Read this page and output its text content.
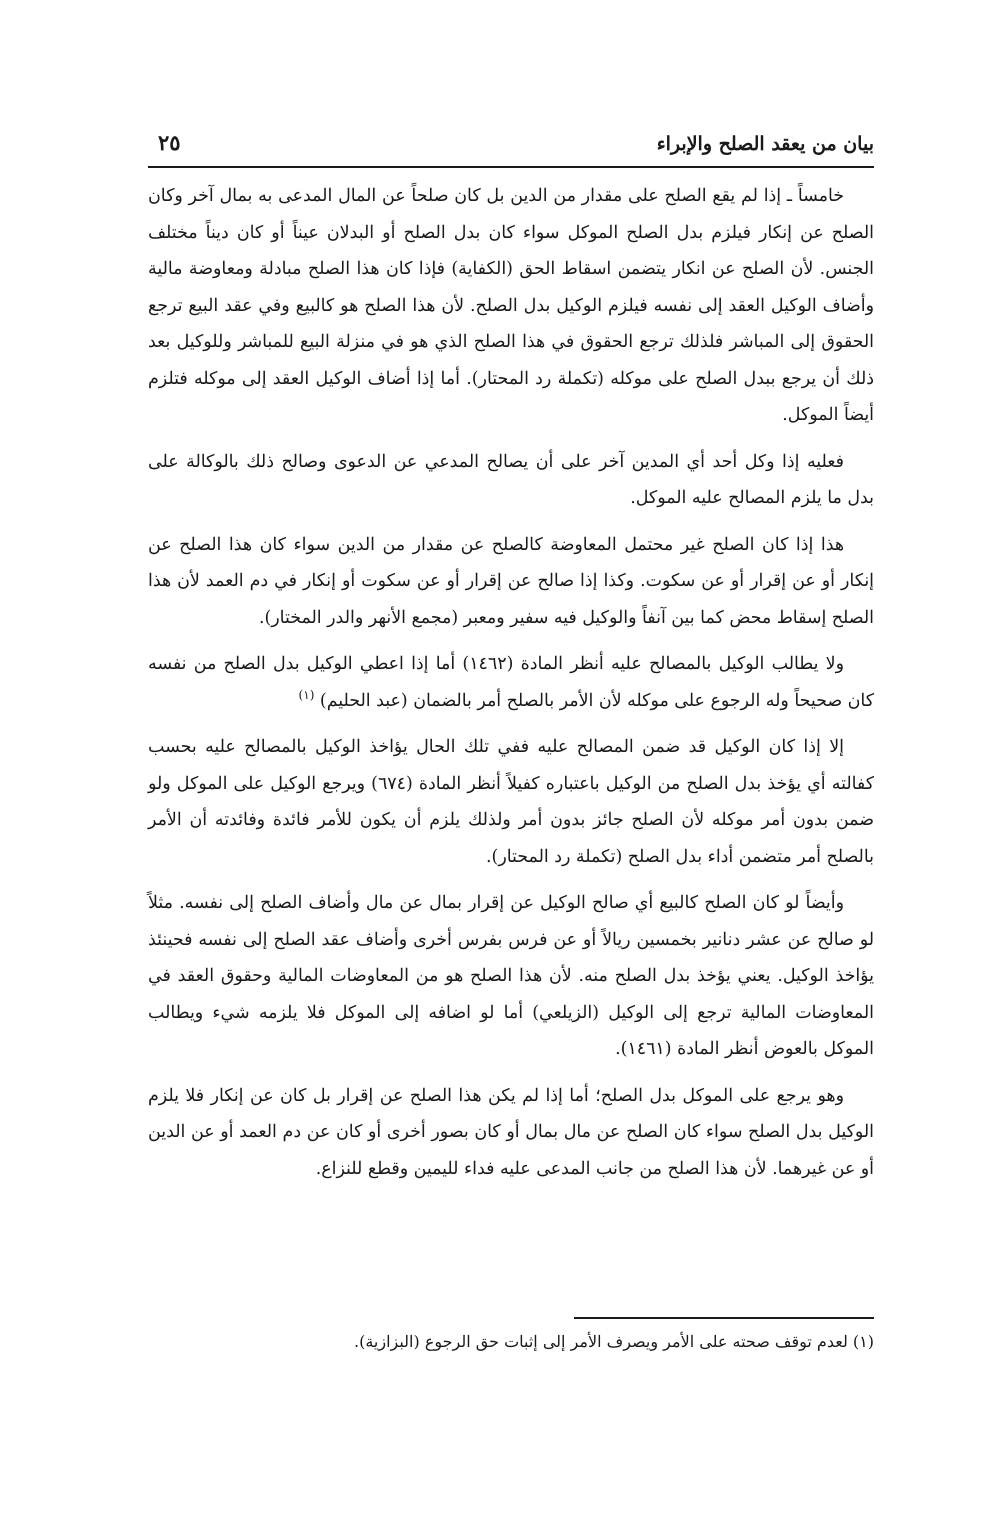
بيان من يعقد الصلح والإبراء
٢٥

خامساً ـ إذا لم يقع الصلح على مقدار من الدين بل كان صلحاً عن المال المدعى به بمال آخر وكان الصلح عن إنكار فيلزم بدل الصلح الموكل سواء كان بدل الصلح أو البدلان عيناً أو كان ديناً مختلف الجنس. لأن الصلح عن انكار يتضمن اسقاط الحق (الكفاية) فإذا كان هذا الصلح مبادلة ومعاوضة مالية وأضاف الوكيل العقد إلى نفسه فيلزم الوكيل بدل الصلح. لأن هذا الصلح هو كالبيع وفي عقد البيع ترجع الحقوق إلى المباشر فلذلك ترجع الحقوق في هذا الصلح الذي هو في منزلة البيع للمباشر وللوكيل بعد ذلك أن يرجع ببدل الصلح على موكله (تكملة رد المحتار). أما إذا أضاف الوكيل العقد إلى موكله فتلزم أيضاً الموكل.

فعليه إذا وكل أحد أي المدين آخر على أن يصالح المدعي عن الدعوى وصالح ذلك بالوكالة على بدل ما يلزم المصالح عليه الموكل.

هذا إذا كان الصلح غير محتمل المعاوضة كالصلح عن مقدار من الدين سواء كان هذا الصلح عن إنكار أو عن إقرار أو عن سكوت. وكذا إذا صالح عن إقرار أو عن سكوت أو إنكار في دم العمد لأن هذا الصلح إسقاط محض كما بين آنفاً والوكيل فيه سفير ومعبر (مجمع الأنهر والدر المختار).

ولا يطالب الوكيل بالمصالح عليه أنظر المادة (١٤٦٢) أما إذا اعطي الوكيل بدل الصلح من نفسه كان صحيحاً وله الرجوع على موكله لأن الأمر بالصلح أمر بالضمان (عبد الحليم) $^{(١)}$

إلا إذا كان الوكيل قد ضمن المصالح عليه ففي تلك الحال يؤاخذ الوكيل بالمصالح عليه بحسب كفالته أي يؤخذ بدل الصلح من الوكيل باعتباره كفيلاً أنظر المادة (٦٧٤) ويرجع الوكيل على الموكل ولو ضمن بدون أمر موكله لأن الصلح جائز بدون أمر ولذلك يلزم أن يكون للأمر فائدة وفائدته أن الأمر بالصلح أمر متضمن أداء بدل الصلح (تكملة رد المحتار).

وأيضاً لو كان الصلح كالبيع أي صالح الوكيل عن إقرار بمال عن مال وأضاف الصلح إلى نفسه. مثلاً لو صالح عن عشر دنانير بخمسين ريالاً أو عن فرس بفرس أخرى وأضاف عقد الصلح إلى نفسه فحينئذ يؤاخذ الوكيل. يعني يؤخذ بدل الصلح منه. لأن هذا الصلح هو من المعاوضات المالية وحقوق العقد في المعاوضات المالية ترجع إلى الوكيل (الزيلعي) أما لو اضافه إلى الموكل فلا يلزمه شيء ويطالب الموكل بالعوض أنظر المادة (١٤٦١).

وهو يرجع على الموكل بدل الصلح؛ أما إذا لم يكن هذا الصلح عن إقرار بل كان عن إنكار فلا يلزم الوكيل بدل الصلح سواء كان الصلح عن مال بمال أو كان بصور أخرى أو كان عن دم العمد أو عن الدين أو عن غيرهما. لأن هذا الصلح من جانب المدعى عليه فداء لليمين وقطع للنزاع.

(١) لعدم توقف صحته على الأمر ويصرف الأمر إلى إثبات حق الرجوع (البزازية).
